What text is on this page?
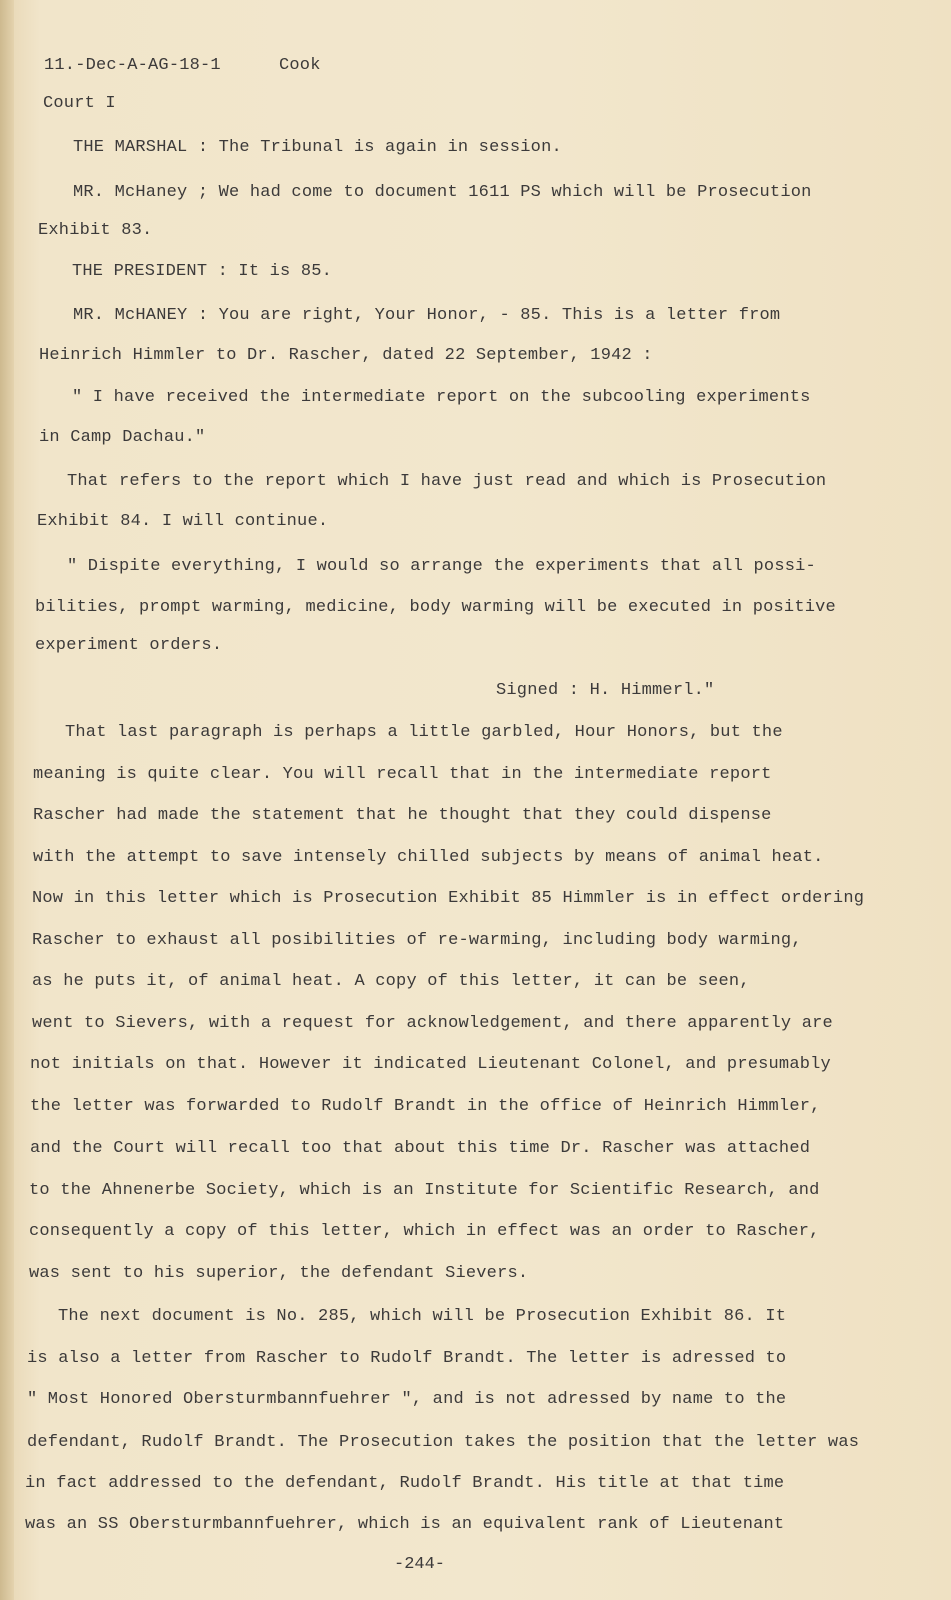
11.-Dec-A-AG-18-1	Cook
Court I
THE MARSHAL : The Tribunal is again in session.
MR. McHaney ; We had come to document 1611 PS which will be Prosecution
Exhibit 83.
THE PRESIDENT : It is 85.
MR. McHANEY : You are right, Your Honor, - 85. This is a letter from
Heinrich Himmler to Dr. Rascher, dated 22 September, 1942 :
" I have received the intermediate report on the subcooling experiments
in Camp Dachau."
That refers to the report which I have just read and which is Prosecution
Exhibit 84. I will continue.
" Dispite everything, I would so arrange the experiments that all possi-
bilities, prompt warming, medicine, body warming will be executed in positive
experiment orders.
Signed : H. Himmerl."
That last paragraph is perhaps a little garbled, Hour Honors, but the
meaning is quite clear. You will recall that in the intermediate report
Rascher had made the statement that he thought that they could dispense
with the attempt to save intensely chilled subjects by means of animal heat.
Now in this letter which is Prosecution Exhibit 85 Himmler is in effect ordering
Rascher to exhaust all posibilities of re-warming, including body warming,
as he puts it, of animal heat. A copy of this letter, it can be seen,
went to Sievers, with a request for acknowledgement, and there apparently are
not initials on that. However it indicated Lieutenant Colonel, and presumably
the letter was forwarded to Rudolf Brandt in the office of Heinrich Himmler,
and the Court will recall too that about this time Dr. Rascher was attached
to the Ahnenerbe Society, which is an Institute for Scientific Research, and
consequently a copy of this letter, which in effect was an order to Rascher,
was sent to his superior, the defendant Sievers.
The next document is No. 285, which will be Prosecution Exhibit 86. It
is also a letter from Rascher to Rudolf Brandt. The letter is adressed to
" Most Honored Obersturmbannfuehrer ", and is not adressed by name to the
defendant, Rudolf Brandt. The Prosecution takes the position that the letter was
in fact addressed to the defendant, Rudolf Brandt. His title at that time
was an SS Obersturmbannfuehrer, which is an equivalent rank of Lieutenant
-244-
